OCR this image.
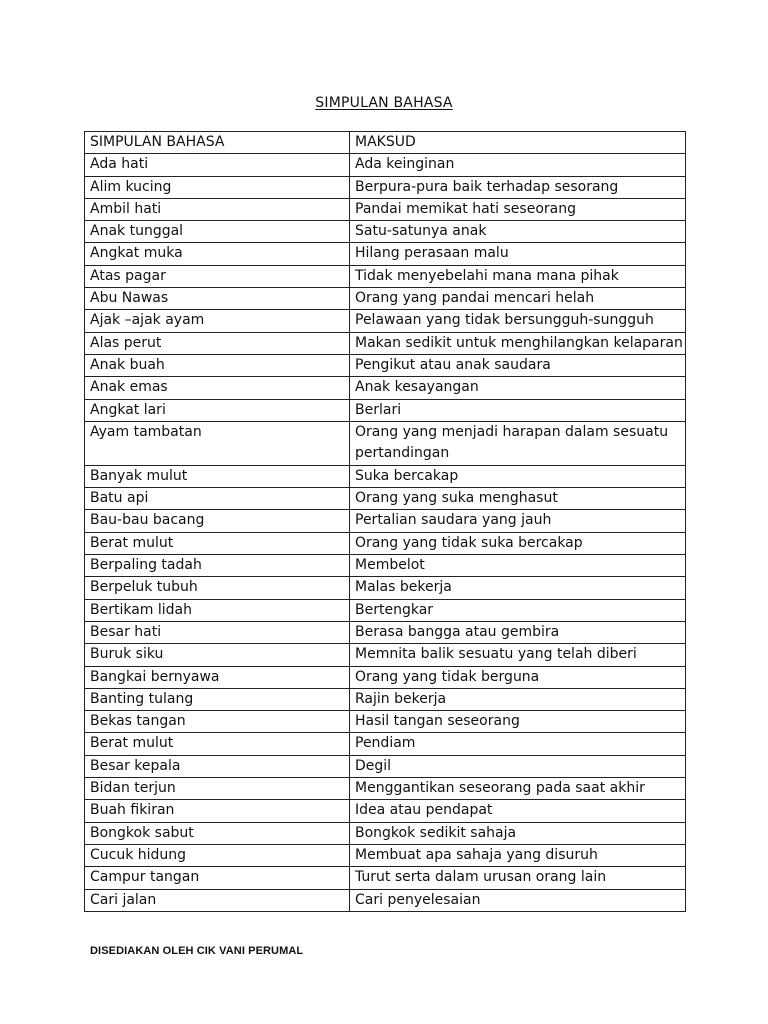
SIMPULAN BAHASA
SIMPULAN BAHASA	MAKSUD
Ada hati	Ada keinginan
Alim kucing	Berpura-pura baik terhadap sesorang
Ambil hati	Pandai memikat hati seseorang
Anak tunggal	Satu-satunya anak
Angkat muka	Hilang perasaan malu
Atas pagar	Tidak menyebelahi mana mana pihak
Abu Nawas	Orang yang pandai mencari helah
Ajak –ajak ayam	Pelawaan yang tidak bersungguh-sungguh
Alas perut	Makan sedikit untuk menghilangkan kelaparan
Anak buah	Pengikut atau anak saudara
Anak emas	Anak kesayangan
Angkat lari	Berlari
Ayam tambatan	Orang yang menjadi harapan dalam sesuatu pertandingan
Banyak mulut	Suka bercakap
Batu api	Orang yang suka menghasut
Bau-bau bacang	Pertalian saudara yang jauh
Berat mulut	Orang yang tidak suka bercakap
Berpaling tadah	Membelot
Berpeluk tubuh	Malas bekerja
Bertikam lidah	Bertengkar
Besar hati	Berasa bangga atau gembira
Buruk siku	Memnita balik sesuatu yang telah diberi
Bangkai bernyawa	Orang yang tidak berguna
Banting tulang	Rajin bekerja
Bekas tangan	Hasil tangan seseorang
Berat mulut	Pendiam
Besar kepala	Degil
Bidan terjun	Menggantikan seseorang pada saat akhir
Buah fikiran	Idea atau pendapat
Bongkok sabut	Bongkok sedikit sahaja
Cucuk hidung	Membuat apa sahaja yang disuruh
Campur tangan	Turut serta dalam urusan orang lain
Cari jalan	Cari penyelesaian
DISEDIAKAN OLEH CIK VANI PERUMAL
